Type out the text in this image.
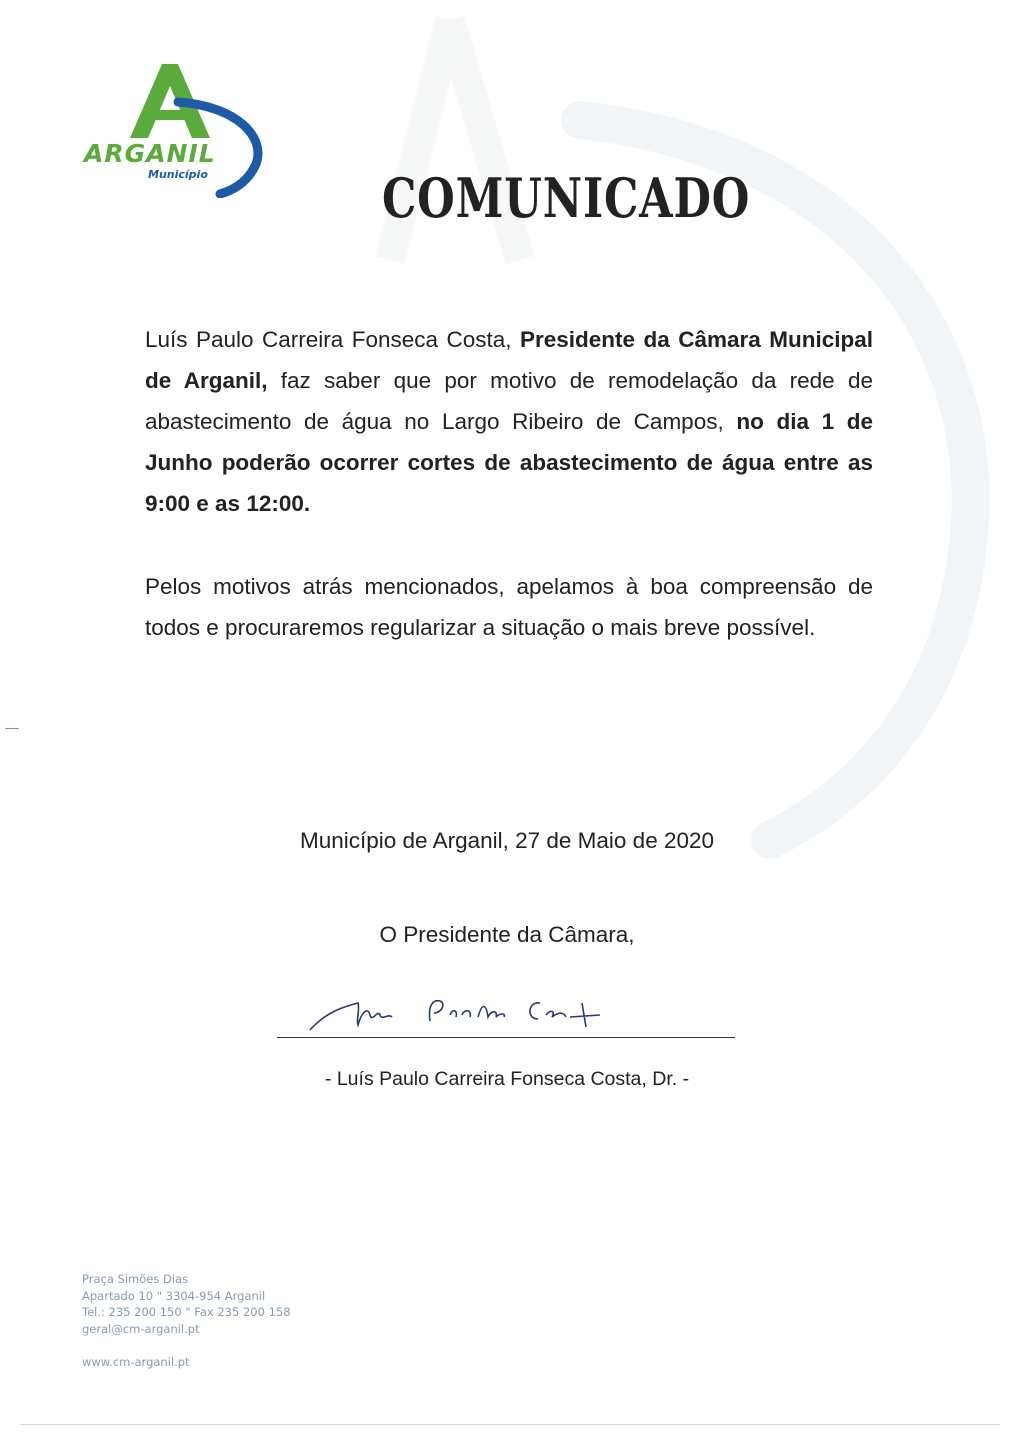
ARGANIL
Município	COMUNICADO
Luís Paulo Carreira Fonseca Costa, Presidente da Câmara Municipal de Arganil, faz saber que por motivo de remodelação da rede de abastecimento de água no Largo Ribeiro de Campos, no dia 1 de Junho poderão ocorrer cortes de abastecimento de água entre as 9:00 e as 12:00.
Pelos motivos atrás mencionados, apelamos à boa compreensão de todos e procuraremos regularizar a situação o mais breve possível.
Município de Arganil, 27 de Maio de 2020
O Presidente da Câmara,
- Luís Paulo Carreira Fonseca Costa, Dr. -
Praça Simões Dias
Apartado 10 " 3304-954 Arganil
Tel.: 235 200 150 " Fax 235 200 158
geral@cm-arganil.pt
www.cm-arganil.pt
